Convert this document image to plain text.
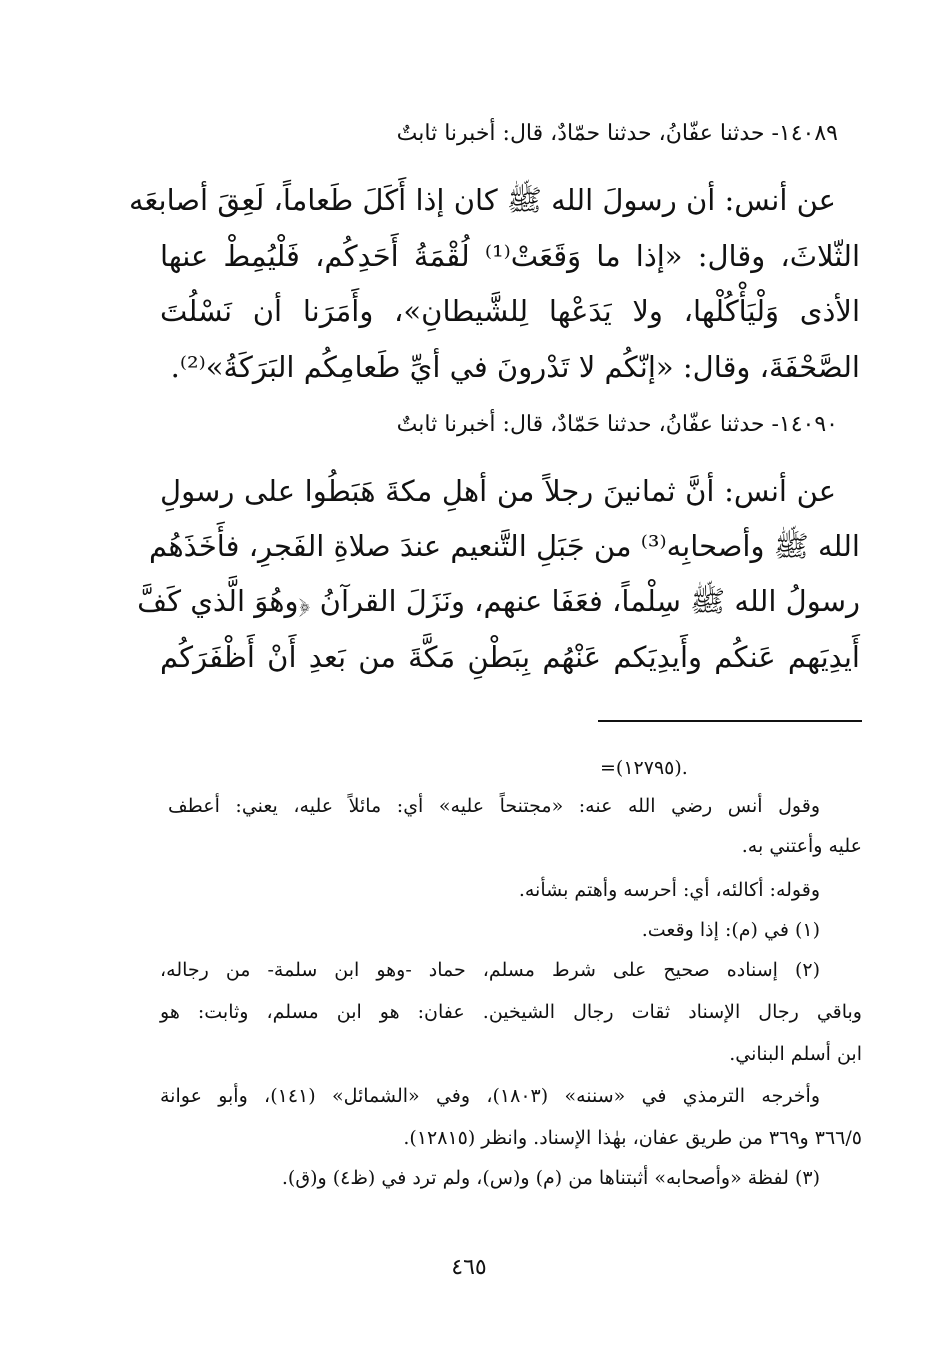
١٤٠٨٩- حدثنا عفّانُ، حدثنا حمّادٌ، قال: أخبرنا ثابتٌ
عن أنس: أن رسولَ الله ﷺ كان إذا أَكَلَ طَعاماً، لَعِقَ أصابعَه
الثّلاثَ، وقال: «إذا ما وَقَعَتْ⁽¹⁾ لُقْمَةُ أَحَدِكُم، فَلْيُمِطْ عنها
الأذى وَلْيَأْكُلْها، ولا يَدَعْها لِلشَّيطانِ»، وأَمَرَنا أن نَسْلُتَ
الصَّحْفَةَ، وقال: «إنّكُم لا تَدْرونَ في أيِّ طَعامِكُم البَرَكَةُ»⁽²⁾.
١٤٠٩٠- حدثنا عفّانُ، حدثنا حَمّادٌ، قال: أخبرنا ثابتٌ
عن أنس: أنَّ ثمانينَ رجلاً من أهلِ مكةَ هَبَطُوا على رسولِ
الله ﷺ وأصحابِه⁽³⁾ من جَبَلِ التَّنعيم عندَ صلاةِ الفَجرِ، فأَخَذَهُم
رسولُ الله ﷺ سِلْماً، فعَفَا عنهم، ونَزَلَ القرآنُ ﴿وهُوَ الَّذي كَفَّ
أَيدِيَهم عَنكُم وأَيدِيَكم عَنْهُم بِبَطْنِ مَكَّةَ من بَعدِ أَنْ أَظْفَرَكُم
=(١٢٧٩٥).
وقول أنس رضي الله عنه: «مجتنحاً عليه» أي: مائلاً عليه، يعني: أعطف
عليه وأعتني به.
وقوله: أكالئه، أي: أحرسه وأهتم بشأنه.
(١) في (م): إذا وقعت.
(٢) إسناده صحيح على شرط مسلم، حماد -وهو ابن سلمة- من رجاله،
وباقي رجال الإسناد ثقات رجال الشيخين. عفان: هو ابن مسلم، وثابت: هو
ابن أسلم البناني.
وأخرجه الترمذي في «سننه» (١٨٠٣)، وفي «الشمائل» (١٤١)، وأبو عوانة
٣٦٦/٥ و٣٦٩ من طريق عفان، بهٰذا الإسناد. وانظر (١٢٨١٥).
(٣) لفظة «وأصحابه» أثبتناها من (م) و(س)، ولم ترد في (ظ٤) و(ق).
٤٦٥
